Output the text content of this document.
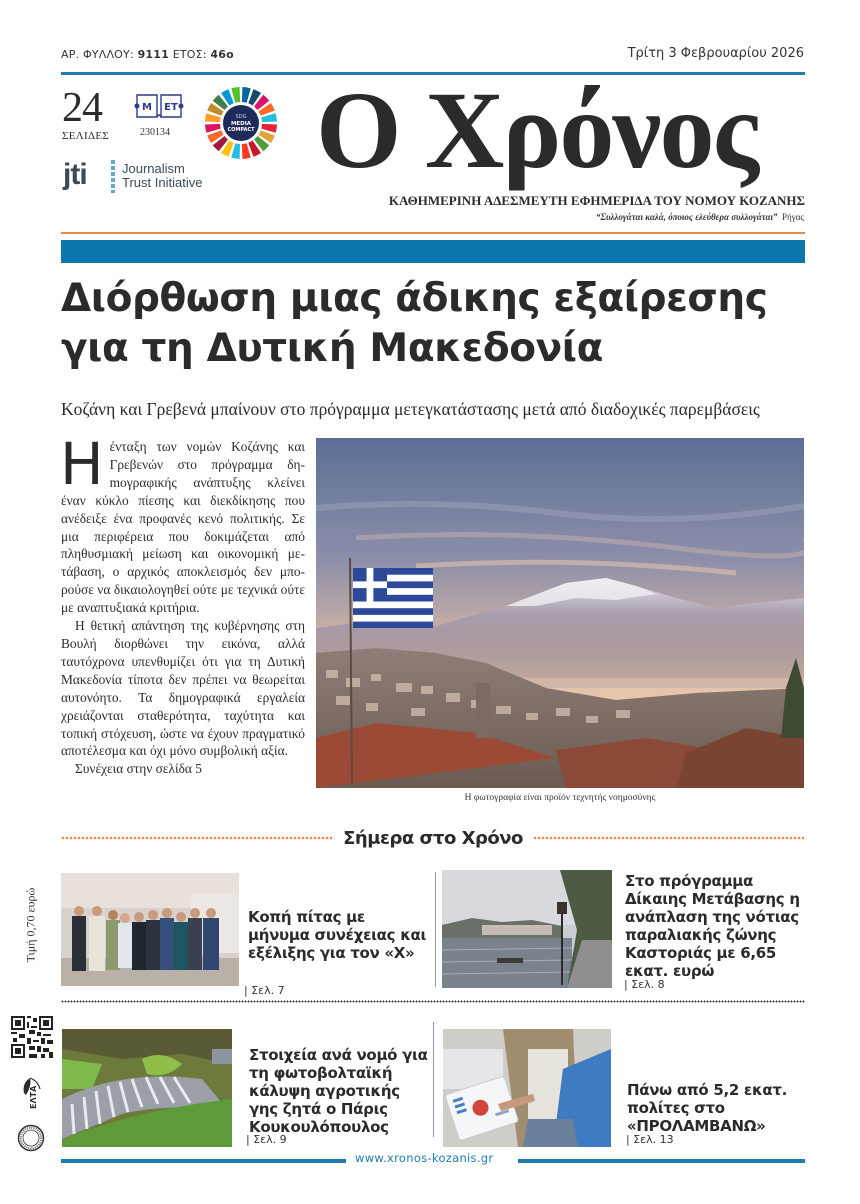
ΑΡ. ΦΥΛΛΟΥ: 9111 ΕΤΟΣ: 46ο	Τρίτη 3 Φεβρουαρίου 2026
24
ΣΕΛΙΔΕΣ
M ET
230134
SDG
MEDIA
COMPACT
jti	Journalism
Trust Initiative Ο Χρόνος
ΚΑΘΗΜΕΡΙΝΗ ΑΔΕΣΜΕΥΤΗ ΕΦΗΜΕΡΙΔΑ ΤΟΥ ΝΟΜΟΥ ΚΟΖΑΝΗΣ
“Συλλογάται καλά, όποιος ελεύθερα συλλογάται” Ρήγας
Διόρθωση μιας άδικης εξαίρεσης
για τη Δυτική Μακεδονία
Κοζάνη και Γρεβενά μπαίνουν στο πρόγραμμα μετεγκατάστασης μετά από διαδοχικές παρεμβάσεις

Ηένταξη των νομών Κοζάνης και Γρεβενών στο πρόγραμμα δηmογραφικής ανάπτυξης κλείνει έναν κύκλο πίεσης και διεκδίκησης που ανέδειξε ένα προφανές κενό πολιτικής. Σε μια περιφέρεια που δοκιμάζεται από πληθυσμιακή μείωση και οικονομική μετάβαση, ο αρχικός αποκλεισμός δεν μπορούσε να δικαιολογηθεί ούτε με τεχνικά ούτε με αναπτυξιακά κριτήρια.

Η θετική απάντηση της κυβέρνησης στη Βουλή διορθώνει την εικόνα, αλλά ταυτόχρονα υπενθυμίζει ότι για τη Δυτική Μακεδονία τίποτα δεν πρέπει να θεωρείται αυτονόητο. Τα δημογραφικά εργαλεία χρειάζονται σταθερότητα, ταχύτητα και τοπική στόχευση, ώστε να έχουν πραγματικό αποτέλεσμα και όχι μόνο συμβολική αξία.

Συνέχεια στην σελίδα 5

Η φωτογραφία είναι προϊόν τεχνητής νοημοσύνης
Σήμερα στο Χρόνο
Κοπή πίτας με μήνυμα συνέχειας και εξέλιξης για τον «Χ»
| Σελ. 7
Στο πρόγραμμα Δίκαιης Μετάβασης η ανάπλαση της νότιας παραλιακής ζώνης Καστοριάς με 6,65 εκατ. ευρώ
| Σελ. 8
Στοιχεία ανά νομό για τη φωτοβολταϊκή κάλυψη αγροτικής γης ζητά ο Πάρις Κουκουλόπουλος
| Σελ. 9
Πάνω από 5,2 εκατ. πολίτες στο «ΠΡΟΛΑΜΒΑΝΩ»
| Σελ. 13
Τιμή 0,70 ευρώ
ΕΛΤΑ
www.xronos-kozanis.gr
